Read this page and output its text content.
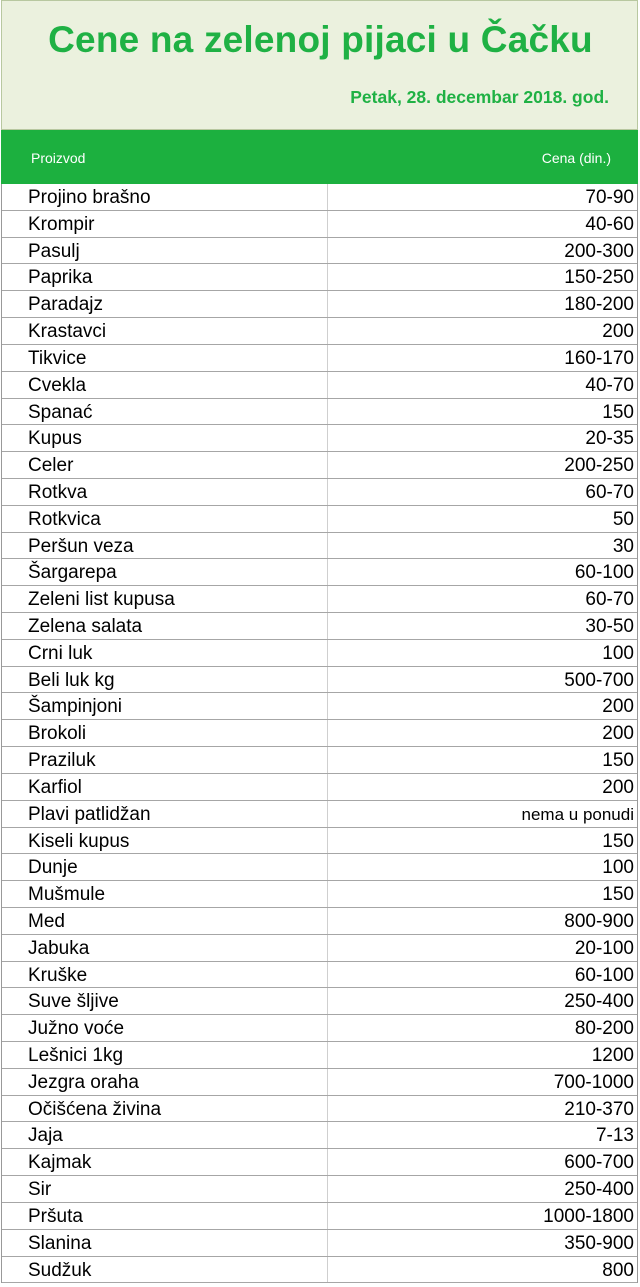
Cene na zelenoj pijaci u Čačku
Petak, 28. decembar 2018. god.
Proizvod	Cena (din.)
Projino brašno	70-90
Krompir	40-60
Pasulj	200-300
Paprika	150-250
Paradajz	180-200
Krastavci	200
Tikvice	160-170
Cvekla	40-70
Spanać	150
Kupus	20-35
Celer	200-250
Rotkva	60-70
Rotkvica	50
Peršun veza	30
Šargarepa	60-100
Zeleni list kupusa	60-70
Zelena salata	30-50
Crni luk	100
Beli luk kg	500-700
Šampinjoni	200
Brokoli	200
Praziluk	150
Karfiol	200
Plavi patlidžan	nema u ponudi
Kiseli kupus	150
Dunje	100
Mušmule	150
Med	800-900
Jabuka	20-100
Kruške	60-100
Suve šljive	250-400
Južno voće	80-200
Lešnici 1kg	1200
Jezgra oraha	700-1000
Očišćena živina	210-370
Jaja	7-13
Kajmak	600-700
Sir	250-400
Pršuta	1000-1800
Slanina	350-900
Sudžuk	800
